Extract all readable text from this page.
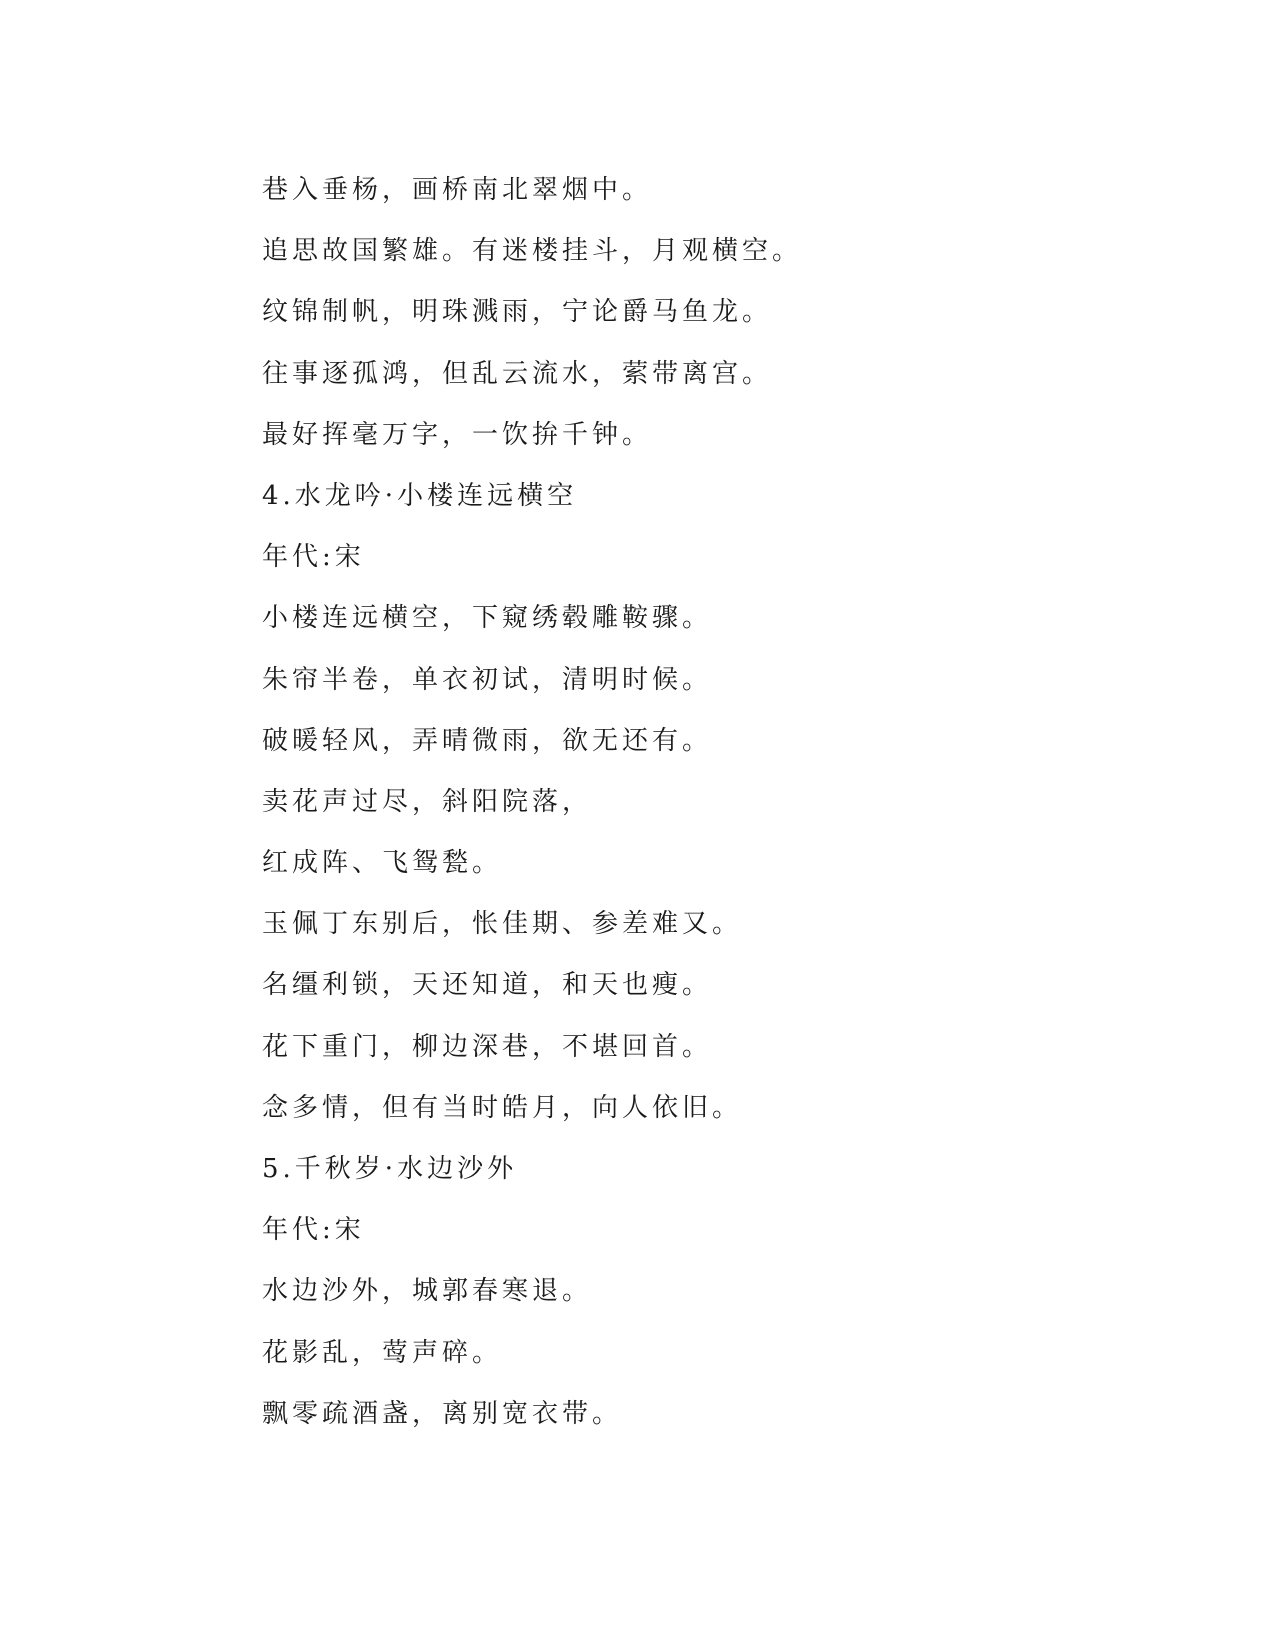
巷入垂杨，画桥南北翠烟中。
追思故国繁雄。有迷楼挂斗，月观横空。
纹锦制帆，明珠溅雨，宁论爵马鱼龙。
往事逐孤鸿，但乱云流水，萦带离宫。
最好挥毫万字，一饮拚千钟。
4.水龙吟·小楼连远横空
年代:宋
小楼连远横空，下窥绣毂雕鞍骤。
朱帘半卷，单衣初试，清明时候。
破暖轻风，弄晴微雨，欲无还有。
卖花声过尽，斜阳院落，
红成阵、飞鸳甃。
玉佩丁东别后，怅佳期、参差难又。
名缰利锁，天还知道，和天也瘦。
花下重门，柳边深巷，不堪回首。
念多情，但有当时皓月，向人依旧。
5.千秋岁·水边沙外
年代:宋
水边沙外，城郭春寒退。
花影乱，莺声碎。
飘零疏酒盏，离别宽衣带。
